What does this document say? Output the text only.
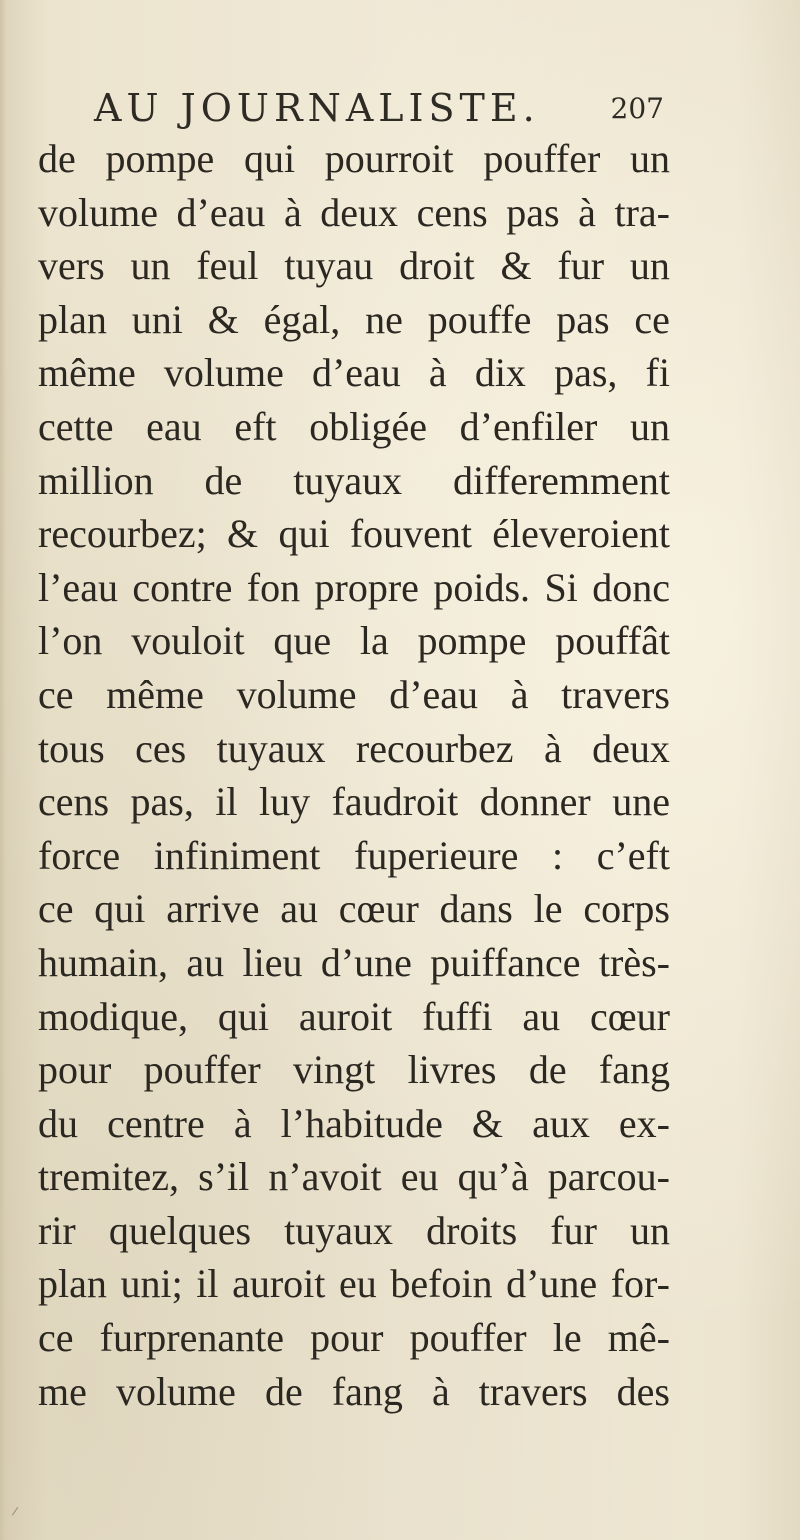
AU JOURNALISTE.	207
de pompe qui pourroit pouffer un
volume d’eau à deux cens pas à tra-
vers un feul tuyau droit & fur un
plan uni & égal, ne pouffe pas ce
même volume d’eau à dix pas, fi
cette eau eft obligée d’enfiler un
million de tuyaux differemment
recourbez; & qui fouvent éleveroient
l’eau contre fon propre poids. Si donc
l’on vouloit que la pompe pouffât
ce même volume d’eau à travers
tous ces tuyaux recourbez à deux
cens pas, il luy faudroit donner une
force infiniment fuperieure : c’eft
ce qui arrive au cœur dans le corps
humain, au lieu d’une puiffance très-
modique, qui auroit fuffi au cœur
pour pouffer vingt livres de fang
du centre à l’habitude & aux ex-
tremitez, s’il n’avoit eu qu’à parcou-
rir quelques tuyaux droits fur un
plan uni; il auroit eu befoin d’une for-
ce furprenante pour pouffer le mê-
me volume de fang à travers des
